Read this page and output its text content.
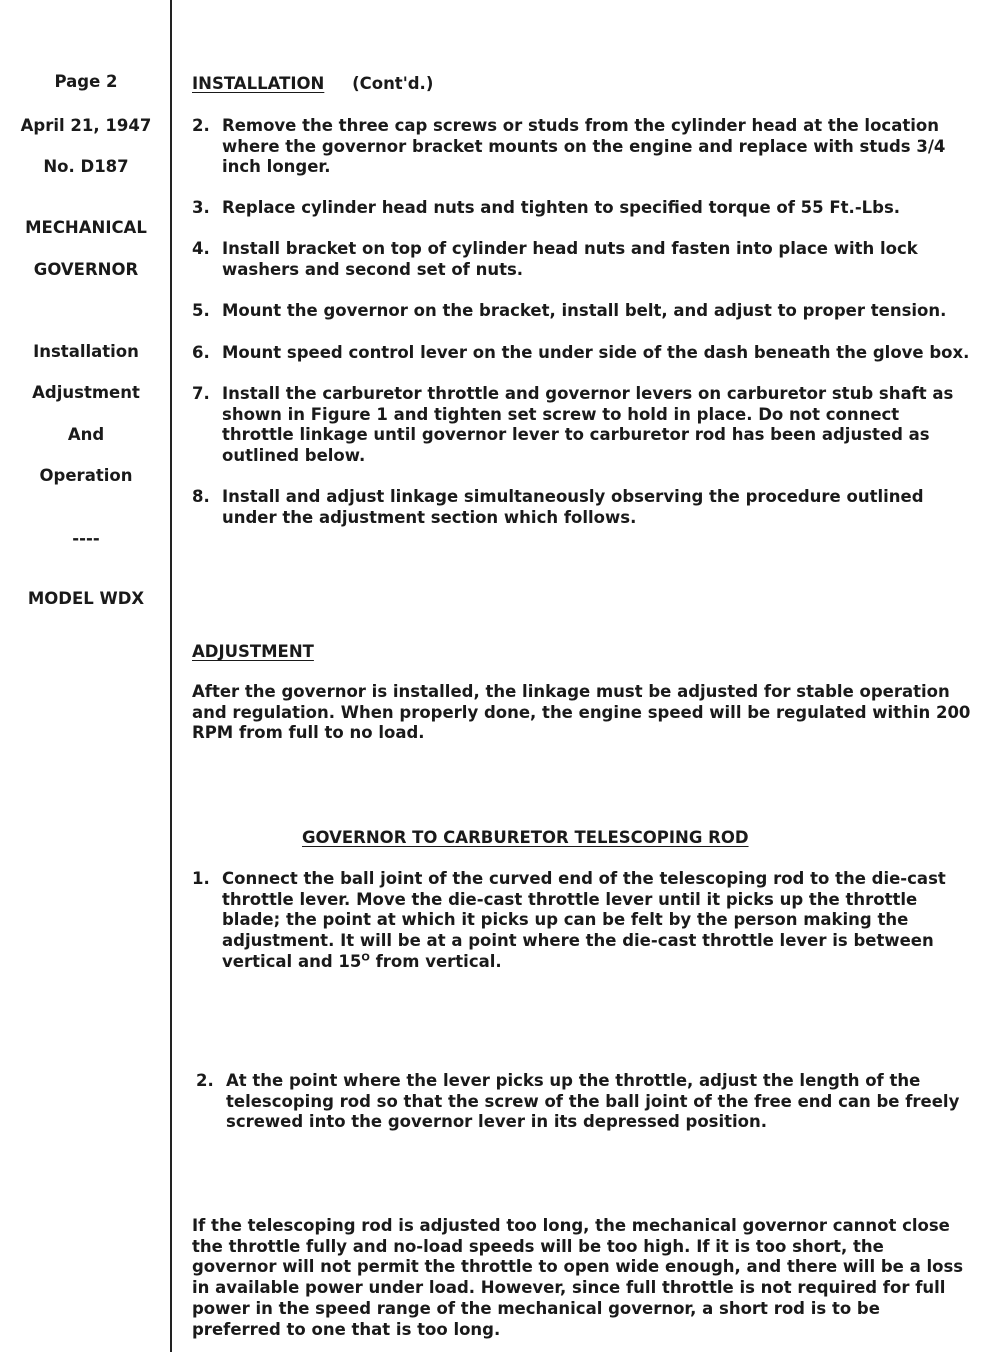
Page 2
April 21, 1947
No. D187
MECHANICAL
GOVERNOR
Installation
Adjustment
And
Operation
----
MODEL WDX
INSTALLATION (Cont'd.)
2. Remove the three cap screws or studs from the cylinder head at the location where the governor bracket mounts on the engine and replace with studs 3/4 inch longer.
3. Replace cylinder head nuts and tighten to specified torque of 55 Ft.-Lbs.
4. Install bracket on top of cylinder head nuts and fasten into place with lock washers and second set of nuts.
5. Mount the governor on the bracket, install belt, and adjust to proper tension.
6. Mount speed control lever on the under side of the dash beneath the glove box.
7. Install the carburetor throttle and governor levers on carburetor stub shaft as shown in Figure 1 and tighten set screw to hold in place. Do not connect throttle linkage until governor lever to carburetor rod has been adjusted as outlined below.
8. Install and adjust linkage simultaneously observing the procedure outlined under the adjustment section which follows.
ADJUSTMENT
After the governor is installed, the linkage must be adjusted for stable operation and regulation. When properly done, the engine speed will be regulated within 200 RPM from full to no load.
GOVERNOR TO CARBURETOR TELESCOPING ROD
1. Connect the ball joint of the curved end of the telescoping rod to the die-cast throttle lever. Move the die-cast throttle lever until it picks up the throttle blade; the point at which it picks up can be felt by the person making the adjustment. It will be at a point where the die-cast throttle lever is between vertical and $15^O$ from vertical.
2. At the point where the lever picks up the throttle, adjust the length of the telescoping rod so that the screw of the ball joint of the free end can be freely screwed into the governor lever in its depressed position.
If the telescoping rod is adjusted too long, the mechanical governor cannot close the throttle fully and no-load speeds will be too high. If it is too short, the governor will not permit the throttle to open wide enough, and there will be a loss in available power under load. However, since full throttle is not required for full power in the speed range of the mechanical governor, a short rod is to be preferred to one that is too long.
